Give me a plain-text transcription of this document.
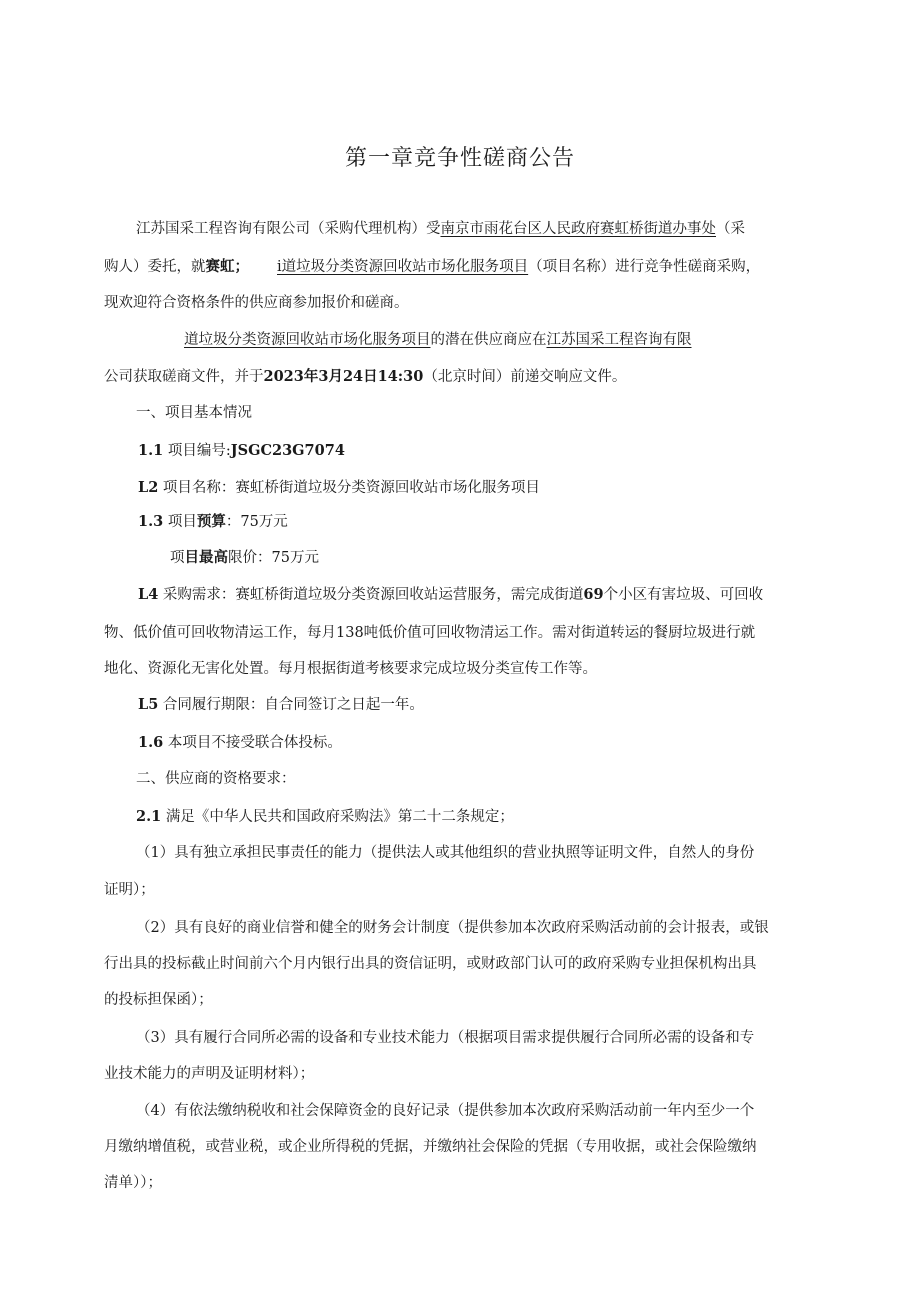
第一章竞争性磋商公告
江苏国采工程咨询有限公司（采购代理机构）受南京市雨花台区人民政府赛虹桥街道办事处（采
购人）委托，就赛虹； i道垃圾分类资源回收站市场化服务项目（项目名称）进行竞争性磋商采购，
现欢迎符合资格条件的供应商参加报价和磋商。
道垃圾分类资源回收站市场化服务项目的潜在供应商应在江苏国采工程咨询有限
公司获取磋商文件，并于2023年3月24日14:30（北京时间）前递交响应文件。
一、项目基本情况
1.1 项目编号:JSGC23G7074
L2 项目名称：赛虹桥街道垃圾分类资源回收站市场化服务项目
1.3 项目预算：75万元
项目最高限价：75万元
L4 采购需求：赛虹桥街道垃圾分类资源回收站运营服务，需完成街道69个小区有害垃圾、可回收
物、低价值可回收物清运工作，每月138吨低价值可回收物清运工作。需对街道转运的餐厨垃圾进行就
地化、资源化无害化处置。每月根据街道考核要求完成垃圾分类宣传工作等。
L5 合同履行期限：自合同签订之日起一年。
1.6 本项目不接受联合体投标。
二、供应商的资格要求：
2.1 满足《中华人民共和国政府采购法》第二十二条规定；
（1）具有独立承担民事责任的能力（提供法人或其他组织的营业执照等证明文件，自然人的身份
证明）；
（2）具有良好的商业信誉和健全的财务会计制度（提供参加本次政府采购活动前的会计报表，或银
行出具的投标截止时间前六个月内银行出具的资信证明，或财政部门认可的政府采购专业担保机构出具
的投标担保函）；
（3）具有履行合同所必需的设备和专业技术能力（根据项目需求提供履行合同所必需的设备和专
业技术能力的声明及证明材料）；
（4）有依法缴纳税收和社会保障资金的良好记录（提供参加本次政府采购活动前一年内至少一个
月缴纳增值税，或营业税，或企业所得税的凭据，并缴纳社会保险的凭据（专用收据，或社会保险缴纳
清单））；
